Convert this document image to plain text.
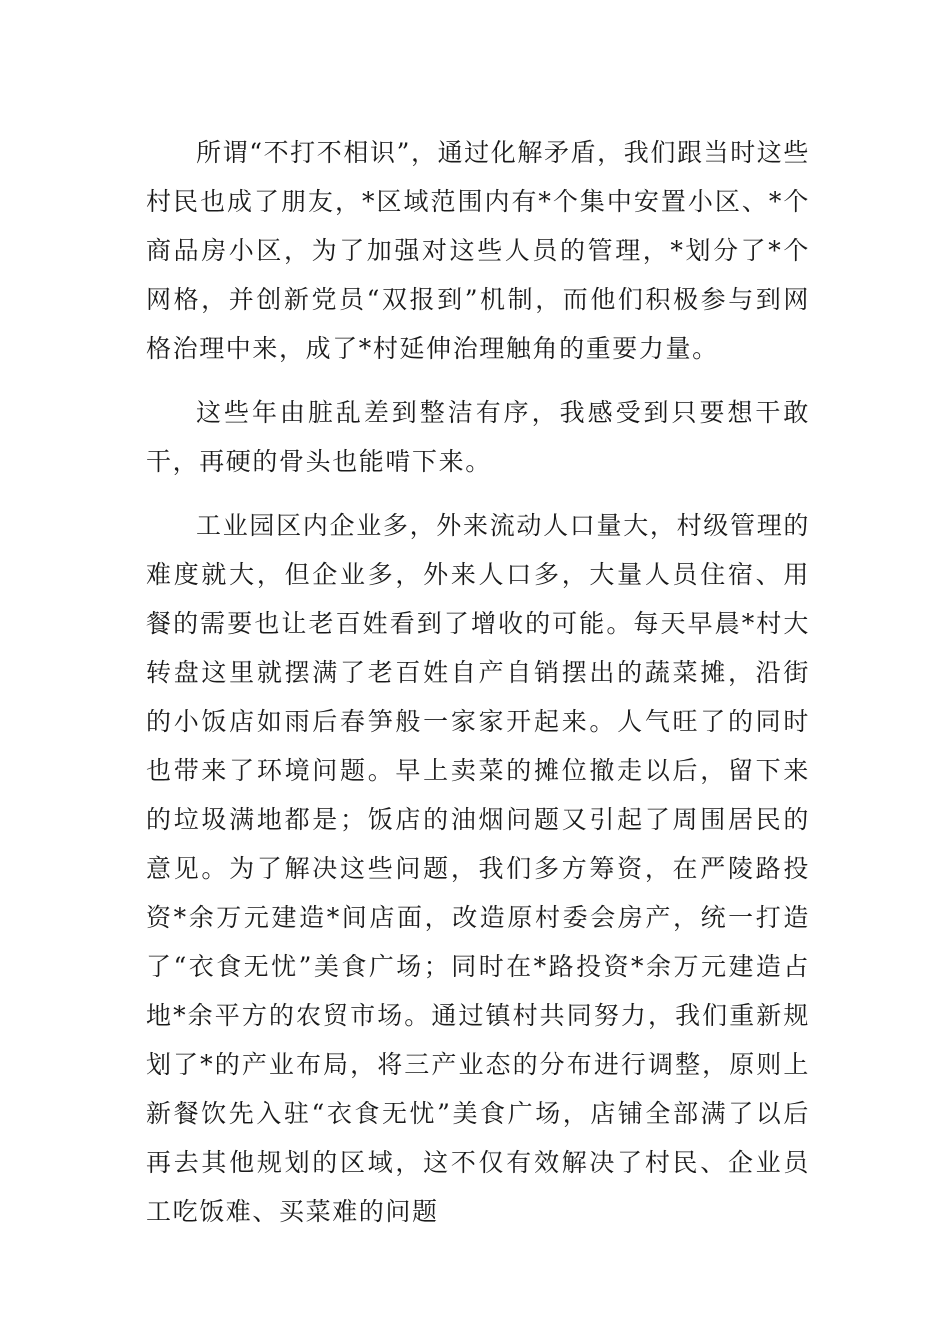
所谓“不打不相识”，通过化解矛盾，我们跟当时这些村民也成了朋友，*区域范围内有*个集中安置小区、*个商品房小区，为了加强对这些人员的管理，*划分了*个网格，并创新党员“双报到”机制，而他们积极参与到网格治理中来，成了*村延伸治理触角的重要力量。

这些年由脏乱差到整洁有序，我感受到只要想干敢干，再硬的骨头也能啃下来。

工业园区内企业多，外来流动人口量大，村级管理的难度就大，但企业多，外来人口多，大量人员住宿、用餐的需要也让老百姓看到了增收的可能。每天早晨*村大转盘这里就摆满了老百姓自产自销摆出的蔬菜摊，沿街的小饭店如雨后春笋般一家家开起来。人气旺了的同时也带来了环境问题。早上卖菜的摊位撤走以后，留下来的垃圾满地都是；饭店的油烟问题又引起了周围居民的意见。为了解决这些问题，我们多方筹资，在严陵路投资*余万元建造*间店面，改造原村委会房产，统一打造了“衣食无忧”美食广场；同时在*路投资*余万元建造占地*余平方的农贸市场。通过镇村共同努力，我们重新规划了*的产业布局，将三产业态的分布进行调整，原则上新餐饮先入驻“衣食无忧”美食广场，店铺全部满了以后再去其他规划的区域，这不仅有效解决了村民、企业员工吃饭难、买菜难的问题
